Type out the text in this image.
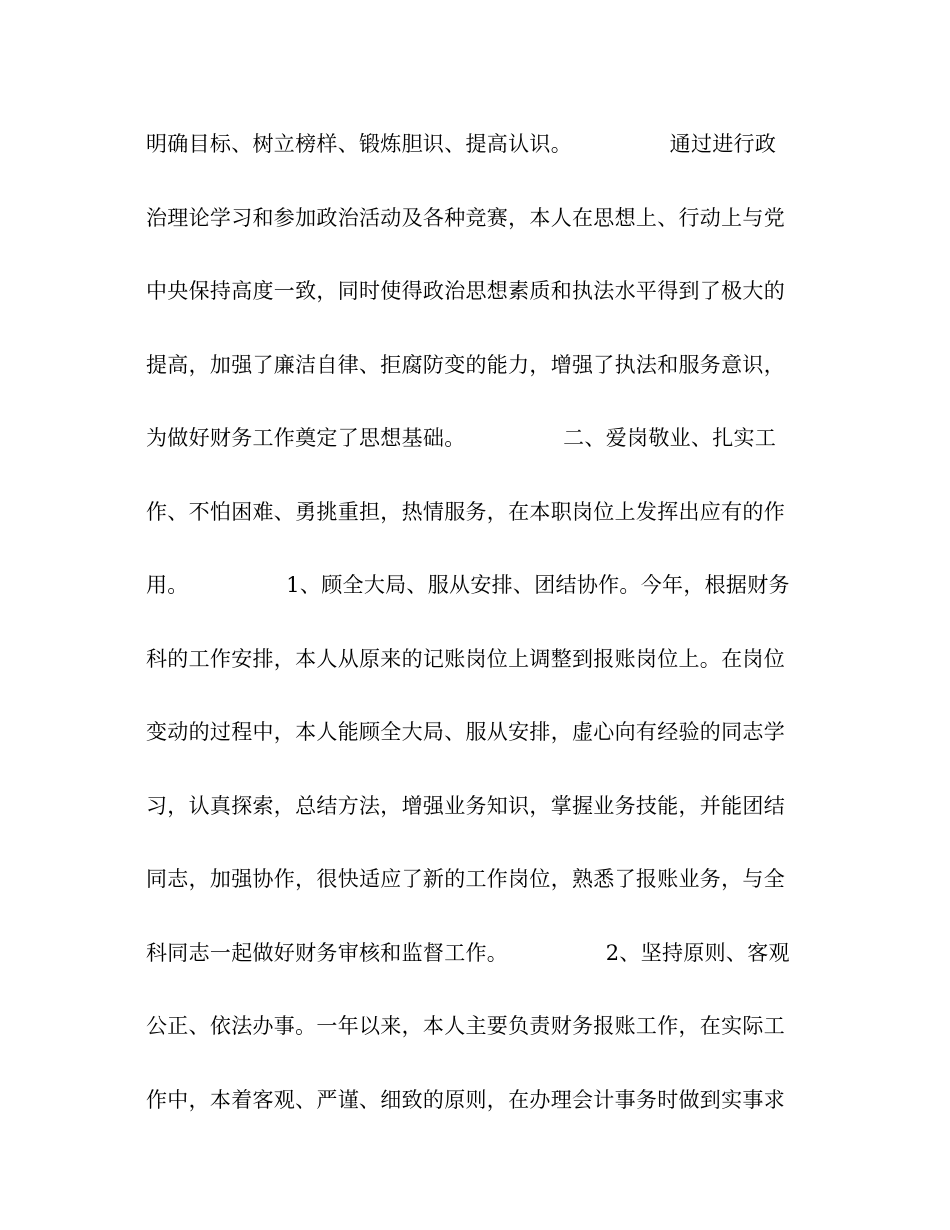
明确目标、树立榜样、锻炼胆识、提高认识。              通过进行政
治理论学习和参加政治活动及各种竞赛，本人在思想上、行动上与党
中央保持高度一致，同时使得政治思想素质和执法水平得到了极大的
提高，加强了廉洁自律、拒腐防变的能力，增强了执法和服务意识，
为做好财务工作奠定了思想基础。              二、爱岗敬业、扎实工
作、不怕困难、勇挑重担，热情服务，在本职岗位上发挥出应有的作
用。              1、顾全大局、服从安排、团结协作。今年，根据财务
科的工作安排，本人从原来的记账岗位上调整到报账岗位上。在岗位
变动的过程中，本人能顾全大局、服从安排，虚心向有经验的同志学
习，认真探索，总结方法，增强业务知识，掌握业务技能，并能团结
同志，加强协作，很快适应了新的工作岗位，熟悉了报账业务，与全
科同志一起做好财务审核和监督工作。              2、坚持原则、客观
公正、依法办事。一年以来，本人主要负责财务报账工作，在实际工
作中，本着客观、严谨、细致的原则，在办理会计事务时做到实事求
